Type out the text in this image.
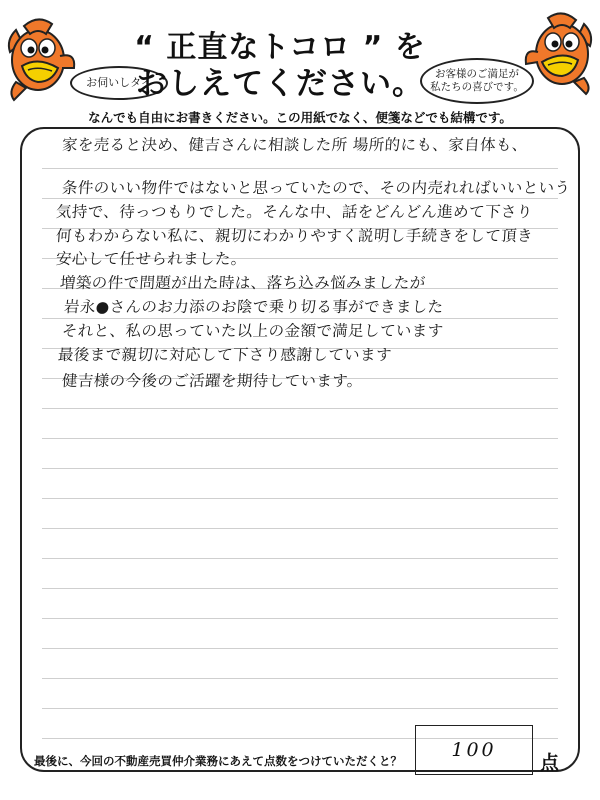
お伺いしタイ
お客様のご満足が
私たちの喜びです。
“ 正直なトコロ ” を
おしえてください。
なんでも自由にお書きください。この用紙でなく、便箋などでも結構です。
家を売ると決め、健吉さんに相談した所 場所的にも、家自体も、
条件のいい物件ではないと思っていたので、その内売れればいいという
気持で、待っつもりでした。そんな中、話をどんどん進めて下さり
何もわからない私に、親切にわかりやすく説明し手続きをして頂き
安心して任せられました。
増築の件で問題が出た時は、落ち込み悩みましたが
岩永●さんのお力添のお陰で乗り切る事ができました
それと、私の思っていた以上の金額で満足しています
最後まで親切に対応して下さり感謝しています
健吉様の今後のご活躍を期待しています。
最後に、今回の不動産売買仲介業務にあえて点数をつけていただくと？	100
点
